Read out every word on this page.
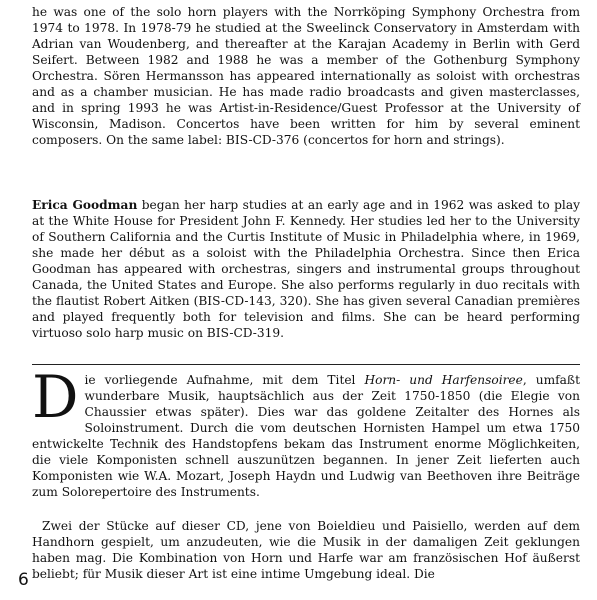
he was one of the solo horn players with the Norrköping Symphony Orchestra from 1974 to 1978. In 1978-79 he studied at the Sweelinck Conservatory in Amsterdam with Adrian van Woudenberg, and thereafter at the Karajan Academy in Berlin with Gerd Seifert. Between 1982 and 1988 he was a member of the Gothenburg Symphony Orchestra. Sören Hermansson has appeared internationally as soloist with orchestras and as a chamber musician. He has made radio broadcasts and given masterclasses, and in spring 1993 he was Artist-in-Residence/Guest Professor at the University of Wisconsin, Madison. Concertos have been written for him by several eminent composers. On the same label: BIS-CD-376 (concertos for horn and strings).

Erica Goodman began her harp studies at an early age and in 1962 was asked to play at the White House for President John F. Kennedy. Her studies led her to the University of Southern California and the Curtis Institute of Music in Philadelphia where, in 1969, she made her début as a soloist with the Philadelphia Orchestra. Since then Erica Goodman has appeared with orchestras, singers and instrumental groups throughout Canada, the United States and Europe. She also performs regularly in duo recitals with the flautist Robert Aitken (BIS-CD-143, 320). She has given several Canadian premières and played frequently both for television and films. She can be heard performing virtuoso solo harp music on BIS-CD-319.

Die vorliegende Aufnahme, mit dem Titel Horn- und Harfensoiree, umfaßt wunderbare Musik, hauptsächlich aus der Zeit 1750-1850 (die Elegie von Chaussier etwas später). Dies war das goldene Zeitalter des Hornes als Soloinstrument. Durch die vom deutschen Hornisten Hampel um etwa 1750 entwickelte Technik des Handstopfens bekam das Instrument enorme Möglichkeiten, die viele Komponisten schnell auszunützen begannen. In jener Zeit lieferten auch Komponisten wie W.A. Mozart, Joseph Haydn und Ludwig van Beethoven ihre Beiträge zum Solorepertoire des Instruments.

Zwei der Stücke auf dieser CD, jene von Boieldieu und Paisiello, werden auf dem Handhorn gespielt, um anzudeuten, wie die Musik in der damaligen Zeit geklungen haben mag. Die Kombination von Horn und Harfe war am französischen Hof äußerst beliebt; für Musik dieser Art ist eine intime Umgebung ideal. Die

6
